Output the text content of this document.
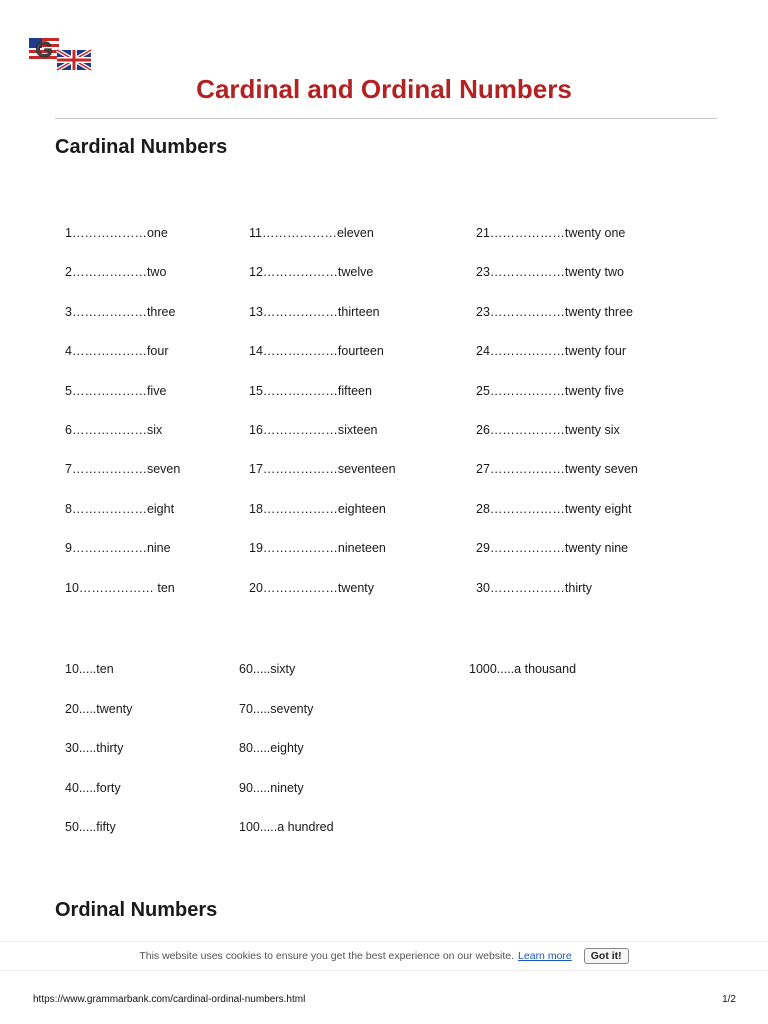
G
Cardinal and Ordinal Numbers
Cardinal Numbers
1………………one
2………………two
3………………three
4………………four
5………………five
6………………six
7………………seven
8………………eight
9………………nine
10……………… ten
11………………eleven
12………………twelve
13………………thirteen
14………………fourteen
15………………fifteen
16………………sixteen
17………………seventeen
18………………eighteen
19………………nineteen
20………………twenty
21………………twenty one
23………………twenty two
23………………twenty three
24………………twenty four
25………………twenty five
26………………twenty six
27………………twenty seven
28………………twenty eight
29………………twenty nine
30………………thirty
10.....ten
20.....twenty
30.....thirty
40.....forty
50.....fifty
60.....sixty
70.....seventy
80.....eighty
90.....ninety
100.....a hundred
1000.....a thousand
Ordinal Numbers
This website uses cookies to ensure you get the best experience on our website. Learn more	Got it!
https://www.grammarbank.com/cardinal-ordinal-numbers.html	1/2
